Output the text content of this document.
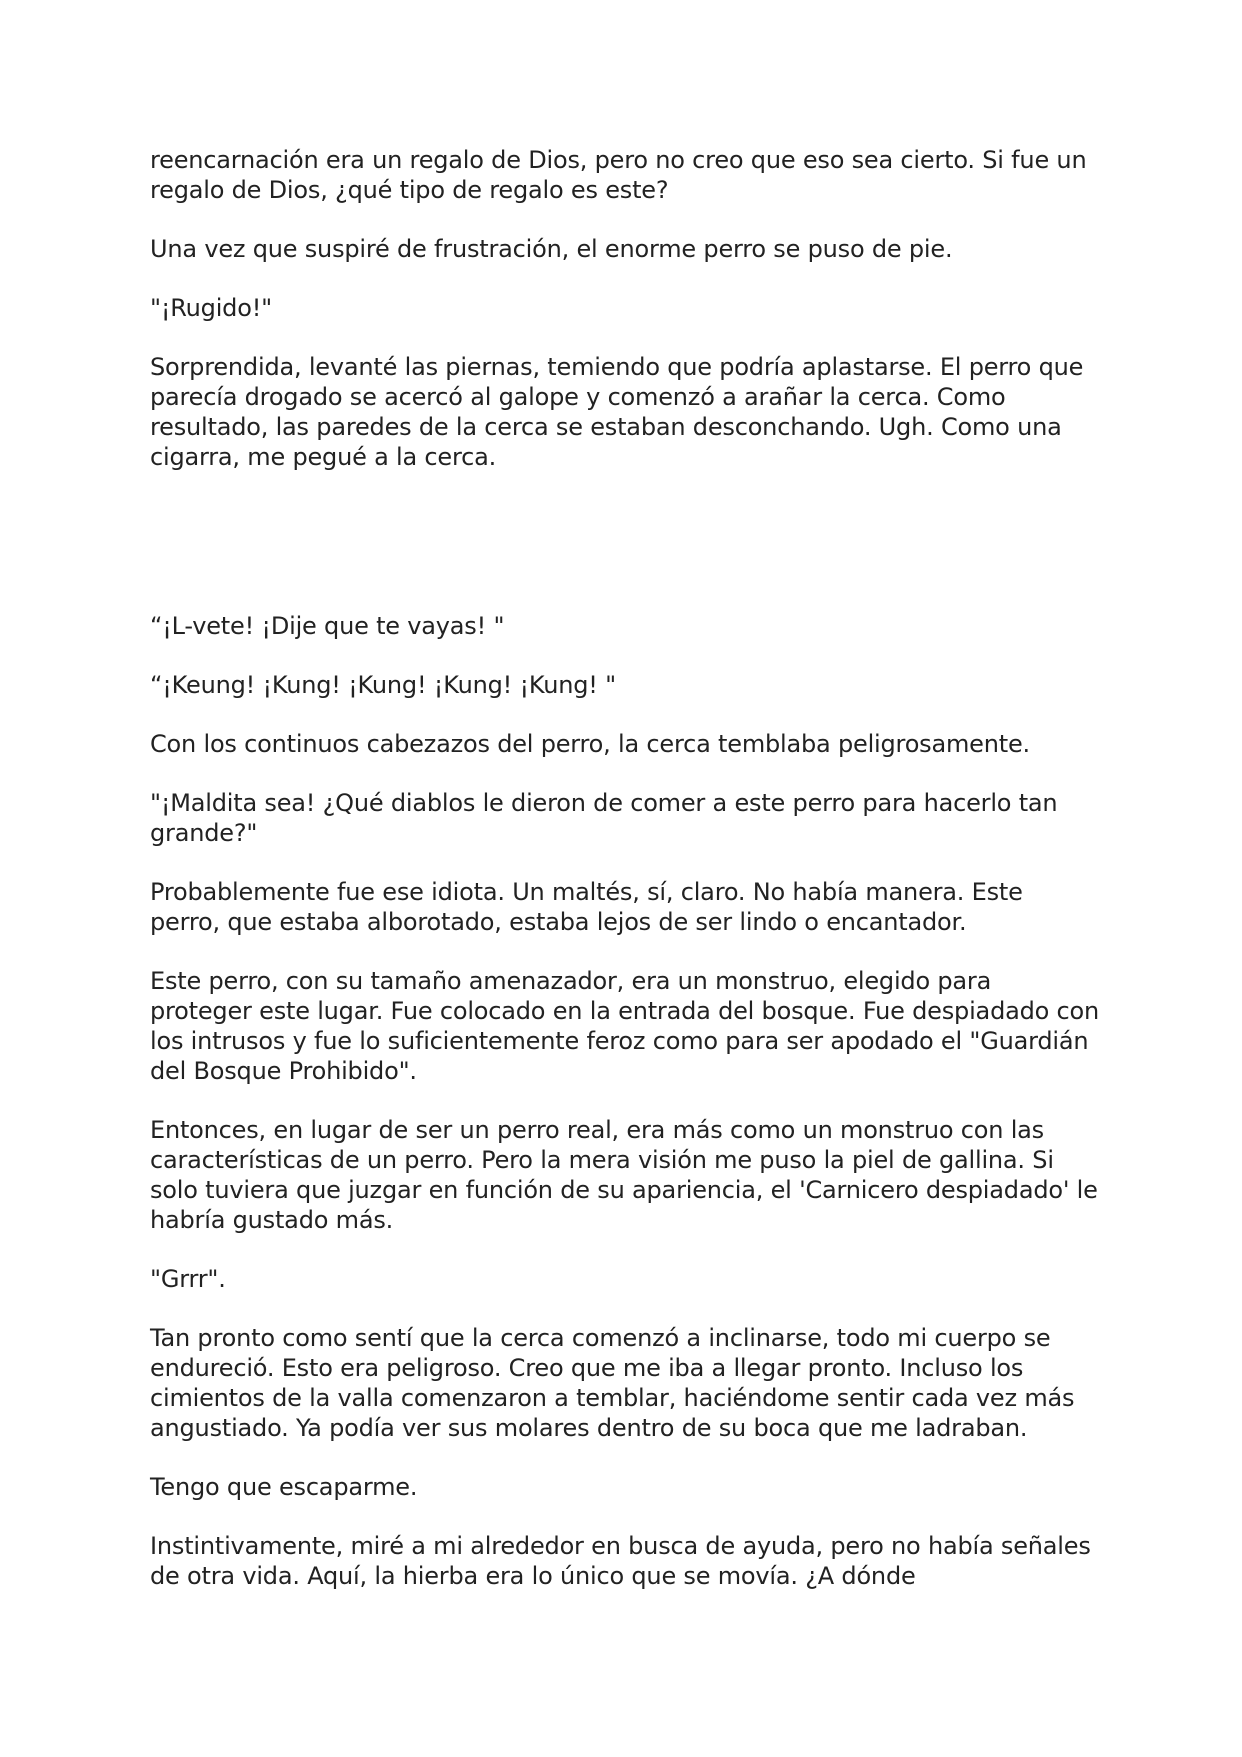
reencarnación era un regalo de Dios, pero no creo que eso sea cierto. Si fue un regalo de Dios, ¿qué tipo de regalo es este?

Una vez que suspiré de frustración, el enorme perro se puso de pie.

"¡Rugido!"

Sorprendida, levanté las piernas, temiendo que podría aplastarse. El perro que parecía drogado se acercó al galope y comenzó a arañar la cerca. Como resultado, las paredes de la cerca se estaban desconchando. Ugh. Como una cigarra, me pegué a la cerca.

“¡L-vete! ¡Dije que te vayas! "

“¡Keung! ¡Kung! ¡Kung! ¡Kung! ¡Kung! "

Con los continuos cabezazos del perro, la cerca temblaba peligrosamente.

"¡Maldita sea! ¿Qué diablos le dieron de comer a este perro para hacerlo tan grande?"

Probablemente fue ese idiota. Un maltés, sí, claro. No había manera. Este perro, que estaba alborotado, estaba lejos de ser lindo o encantador.

Este perro, con su tamaño amenazador, era un monstruo, elegido para proteger este lugar. Fue colocado en la entrada del bosque. Fue despiadado con los intrusos y fue lo suficientemente feroz como para ser apodado el "Guardián del Bosque Prohibido".

Entonces, en lugar de ser un perro real, era más como un monstruo con las características de un perro. Pero la mera visión me puso la piel de gallina. Si solo tuviera que juzgar en función de su apariencia, el 'Carnicero despiadado' le habría gustado más.

"Grrr".

Tan pronto como sentí que la cerca comenzó a inclinarse, todo mi cuerpo se endureció. Esto era peligroso. Creo que me iba a llegar pronto. Incluso los cimientos de la valla comenzaron a temblar, haciéndome sentir cada vez más angustiado. Ya podía ver sus molares dentro de su boca que me ladraban.

Tengo que escaparme.

Instintivamente, miré a mi alrededor en busca de ayuda, pero no había señales de otra vida. Aquí, la hierba era lo único que se movía. ¿A dónde
